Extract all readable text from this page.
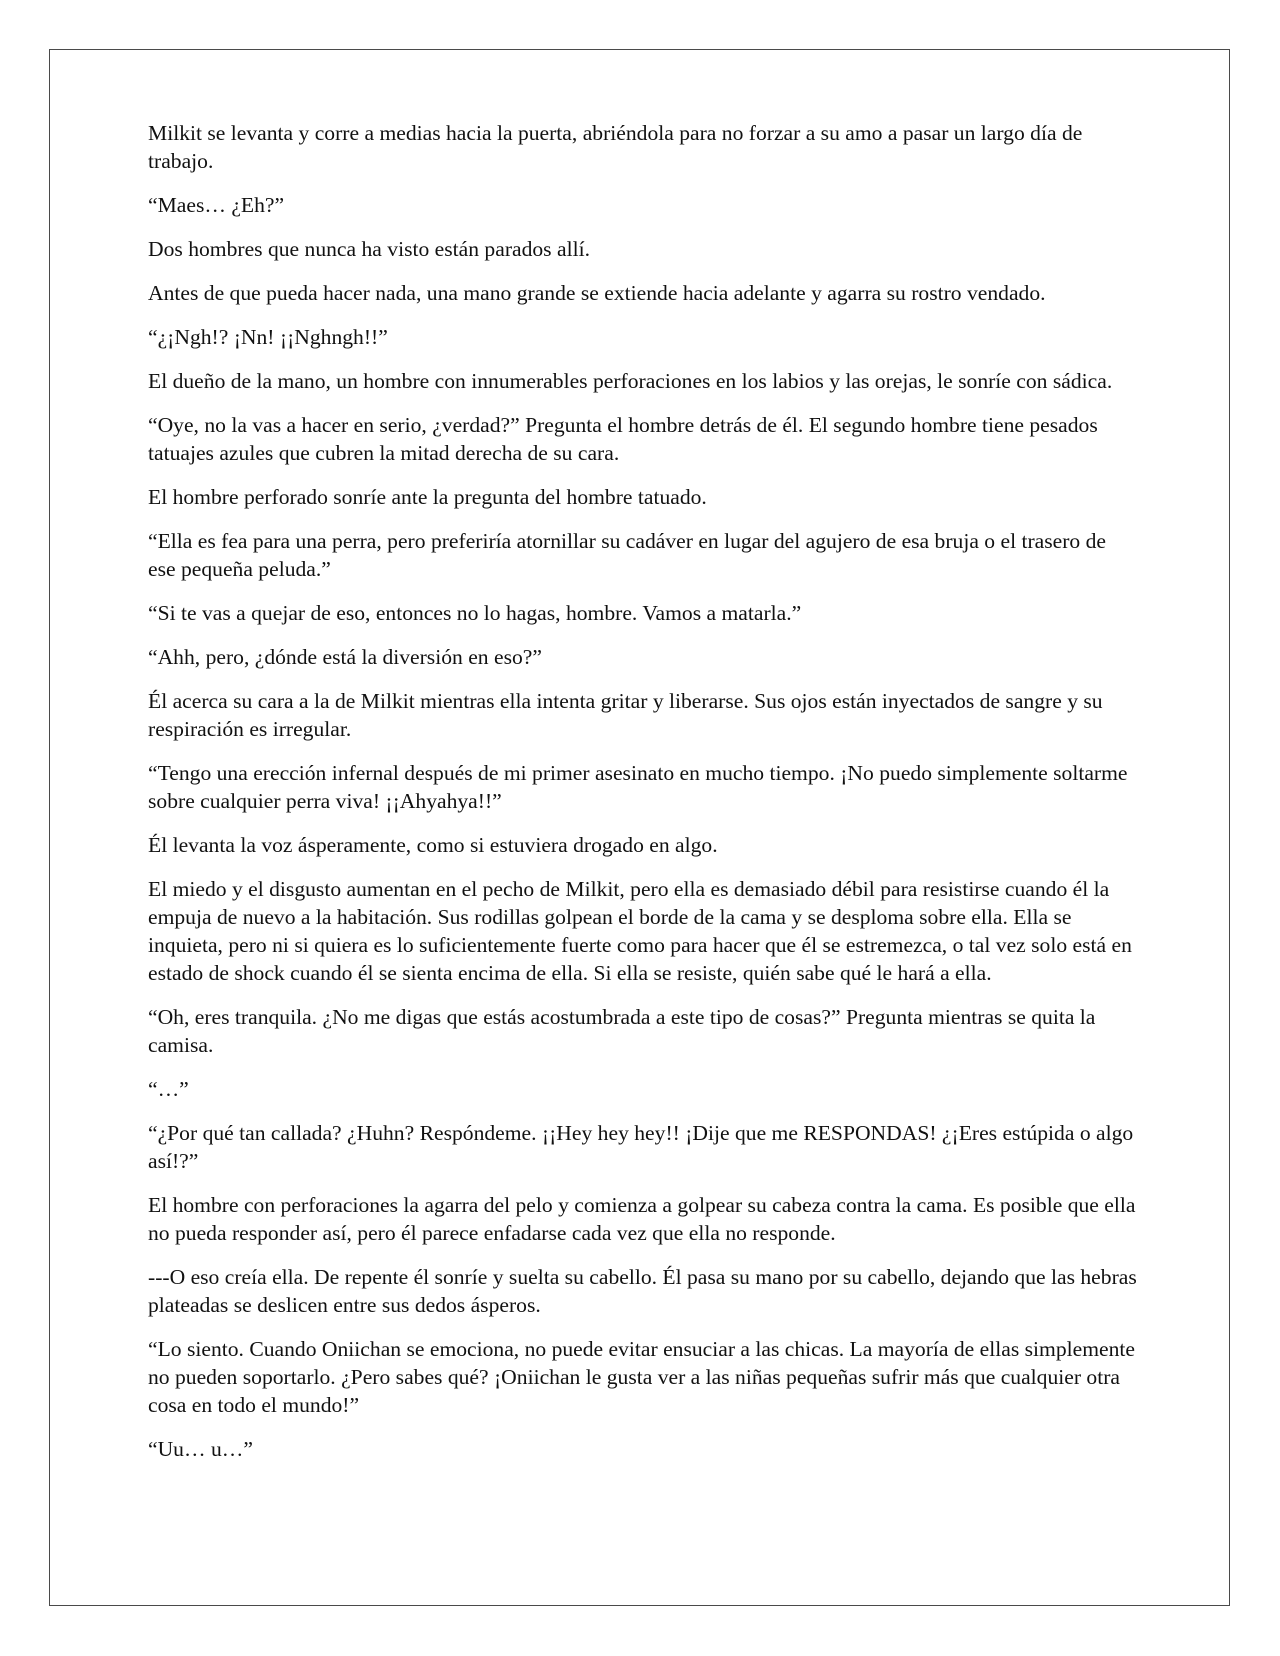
Milkit se levanta y corre a medias hacia la puerta, abriéndola para no forzar a su amo a pasar un largo día de trabajo.

“Maes… ¿Eh?”

Dos hombres que nunca ha visto están parados allí.

Antes de que pueda hacer nada, una mano grande se extiende hacia adelante y agarra su rostro vendado.

“¿¡Ngh!? ¡Nn! ¡¡Nghngh!!”

El dueño de la mano, un hombre con innumerables perforaciones en los labios y las orejas, le sonríe con sádica.

“Oye, no la vas a hacer en serio, ¿verdad?” Pregunta el hombre detrás de él. El segundo hombre tiene pesados tatuajes azules que cubren la mitad derecha de su cara.

El hombre perforado sonríe ante la pregunta del hombre tatuado.

“Ella es fea para una perra, pero preferiría atornillar su cadáver en lugar del agujero de esa bruja o el trasero de ese pequeña peluda.”

“Si te vas a quejar de eso, entonces no lo hagas, hombre. Vamos a matarla.”

“Ahh, pero, ¿dónde está la diversión en eso?”

Él acerca su cara a la de Milkit mientras ella intenta gritar y liberarse. Sus ojos están inyectados de sangre y su respiración es irregular.

“Tengo una erección infernal después de mi primer asesinato en mucho tiempo. ¡No puedo simplemente soltarme sobre cualquier perra viva! ¡¡Ahyahya!!”

Él levanta la voz ásperamente, como si estuviera drogado en algo.

El miedo y el disgusto aumentan en el pecho de Milkit, pero ella es demasiado débil para resistirse cuando él la empuja de nuevo a la habitación. Sus rodillas golpean el borde de la cama y se desploma sobre ella. Ella se inquieta, pero ni si quiera es lo suficientemente fuerte como para hacer que él se estremezca, o tal vez solo está en estado de shock cuando él se sienta encima de ella. Si ella se resiste, quién sabe qué le hará a ella.

“Oh, eres tranquila. ¿No me digas que estás acostumbrada a este tipo de cosas?” Pregunta mientras se quita la camisa.

“…”

“¿Por qué tan callada? ¿Huhn? Respóndeme. ¡¡Hey hey hey!! ¡Dije que me RESPONDAS! ¿¡Eres estúpida o algo así!?”

El hombre con perforaciones la agarra del pelo y comienza a golpear su cabeza contra la cama. Es posible que ella no pueda responder así, pero él parece enfadarse cada vez que ella no responde.

---O eso creía ella. De repente él sonríe y suelta su cabello. Él pasa su mano por su cabello, dejando que las hebras plateadas se deslicen entre sus dedos ásperos.

“Lo siento. Cuando Oniichan se emociona, no puede evitar ensuciar a las chicas. La mayoría de ellas simplemente no pueden soportarlo. ¿Pero sabes qué? ¡Oniichan le gusta ver a las niñas pequeñas sufrir más que cualquier otra cosa en todo el mundo!”

“Uu… u…”
